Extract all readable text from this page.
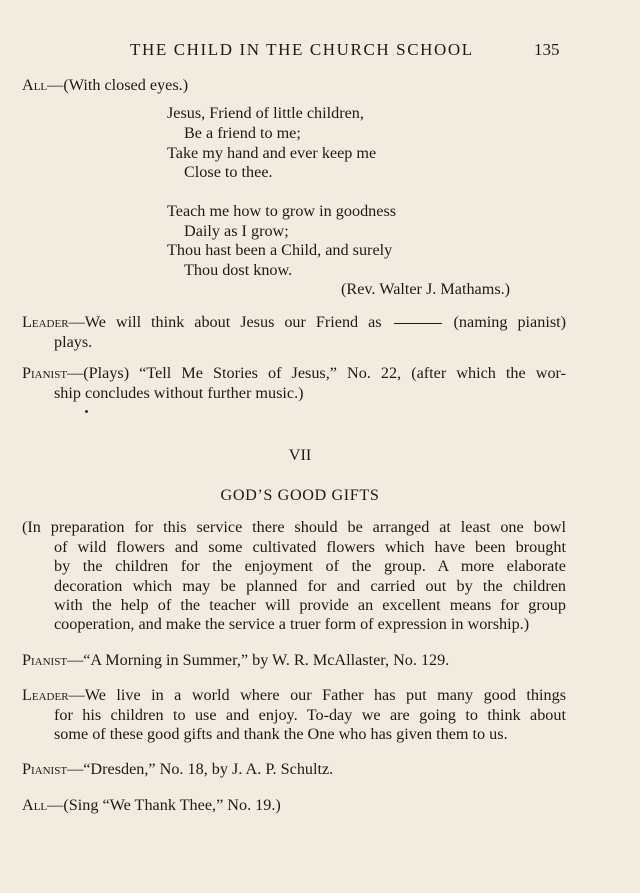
THE CHILD IN THE CHURCH SCHOOL	135
All—(With closed eyes.)
Jesus, Friend of little children,
Be a friend to me;
Take my hand and ever keep me
Close to thee.
Teach me how to grow in goodness
Daily as I grow;
Thou hast been a Child, and surely
Thou dost know.
(Rev. Walter J. Mathams.)
Leader—We will think about Jesus our Friend as	(naming pianist)
plays.
Pianist—(Plays) “Tell Me Stories of Jesus,” No. 22, (after which the wor-
ship concludes without further music.)
VII
GOD’S GOOD GIFTS
(In preparation for this service there should be arranged at least one bowl
of wild flowers and some cultivated flowers which have been brought
by the children for the enjoyment of the group. A more elaborate
decoration which may be planned for and carried out by the children
with the help of the teacher will provide an excellent means for group
cooperation, and make the service a truer form of expression in worship.)
Pianist—“A Morning in Summer,” by W. R. McAllaster, No. 129.
Leader—We live in a world where our Father has put many good things
for his children to use and enjoy. To-day we are going to think about
some of these good gifts and thank the One who has given them to us.
Pianist—“Dresden,” No. 18, by J. A. P. Schultz.
All—(Sing “We Thank Thee,” No. 19.)
